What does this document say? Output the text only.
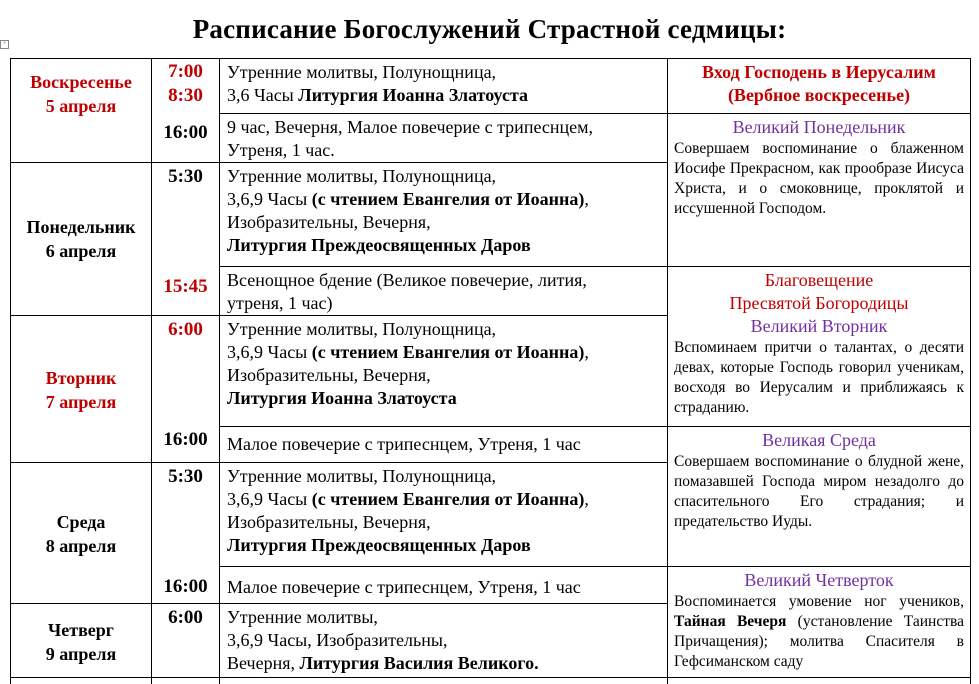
Расписание Богослужений Страстной седмицы:
+
Воскресенье
5 апреля
Понедельник
6 апреля
Вторник
7 апреля
Среда
8 апреля
Четверг
9 апреля
7:00
8:30
16:00
5:30
15:45
6:00
16:00
5:30
16:00
6:00
Утренние молитвы, Полунощница,
3,6 Часы Литургия Иоанна Златоуста
9 час, Вечерня, Малое повечерие с трипеснцем,
Утреня, 1 час.
Утренние молитвы, Полунощница,
3,6,9 Часы (с чтением Евангелия от Иоанна),
Изобразительны, Вечерня,
Литургия Преждеосвященных Даров
Всенощное бдение (Великое повечерие, лития,
утреня, 1 час)
Утренние молитвы, Полунощница,
3,6,9 Часы (с чтением Евангелия от Иоанна),
Изобразительны, Вечерня,
Литургия Иоанна Златоуста
Малое повечерие с трипеснцем, Утреня, 1 час
Утренние молитвы, Полунощница,
3,6,9 Часы (с чтением Евангелия от Иоанна),
Изобразительны, Вечерня,
Литургия Преждеосвященных Даров
Малое повечерие с трипеснцем, Утреня, 1 час
Утренние молитвы,
3,6,9 Часы, Изобразительны,
Вечерня, Литургия Василия Великого.
Вход Господень в Иерусалим
(Вербное воскресенье)
Великий Понедельник
Совершаем воспоминание о блаженном Иосифе Прекрасном, как прообразе Иисуса Христа, и о смоковнице, проклятой и иссушенной Господом.
Благовещение
Пресвятой Богородицы
Великий Вторник
Вспоминаем притчи о талантах, о десяти девах, которые Господь говорил ученикам, восходя во Иерусалим и приближаясь к страданию.
Великая Среда
Совершаем воспоминание о блудной жене, помазавшей Господа миром незадолго до спасительного Его страдания; и предательство Иуды.
Великий Четверток
Воспоминается умовение ног учеников, Тайная Вечеря (установление Таинства Причащения); молитва Спасителя в Гефсиманском саду
